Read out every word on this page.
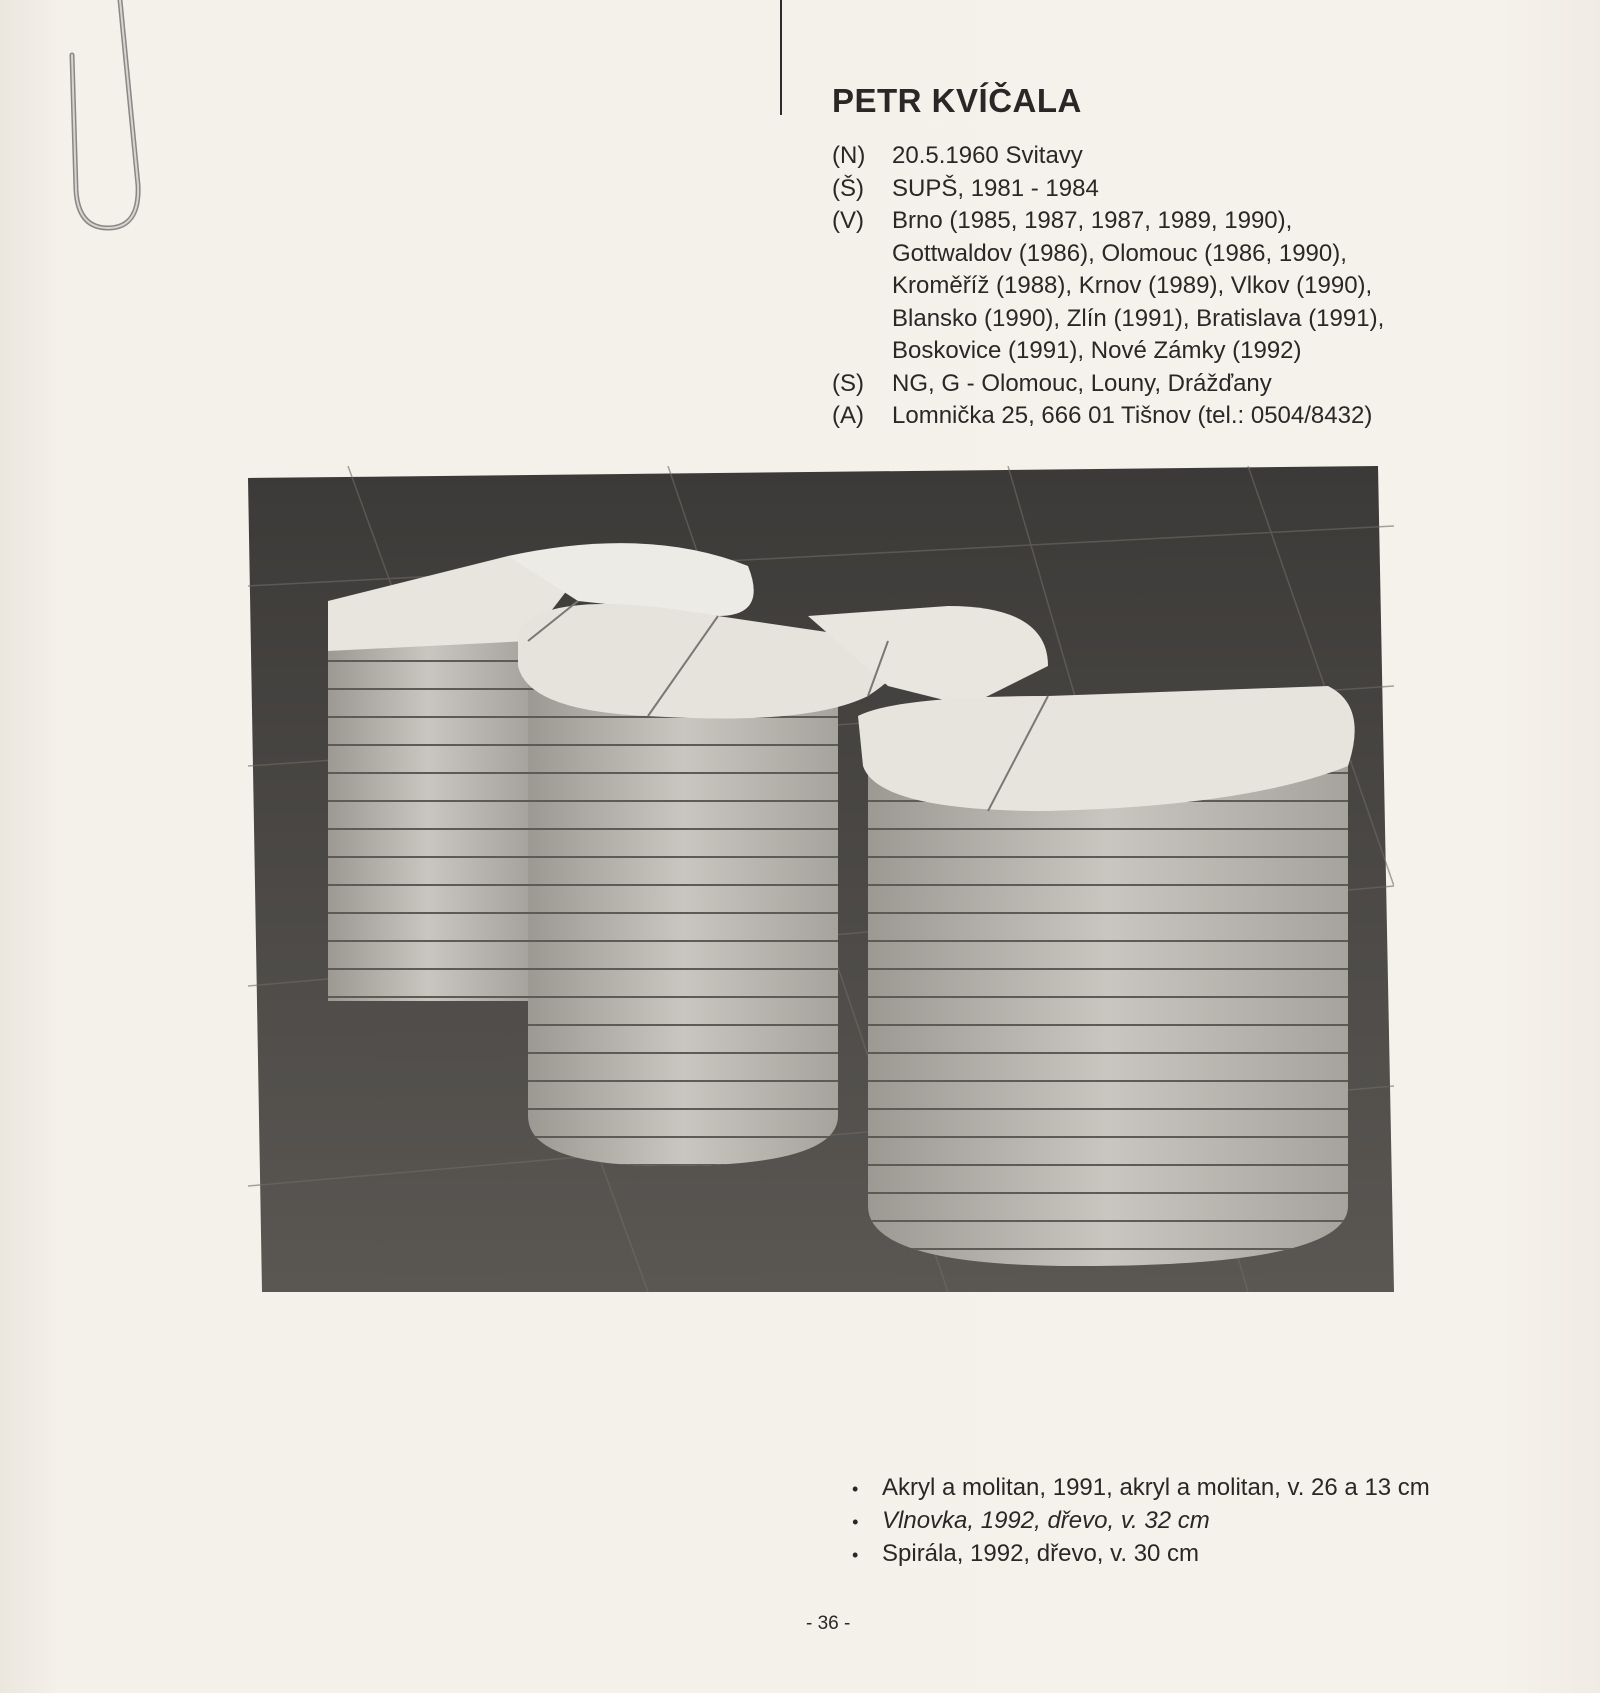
PETR KVÍČALA
(N)	20.5.1960 Svitavy
(Š)	SUPŠ, 1981 - 1984
(V)	Brno (1985, 1987, 1987, 1989, 1990),
Gottwaldov (1986), Olomouc (1986, 1990),
Kroměříž (1988), Krnov (1989), Vlkov (1990),
Blansko (1990), Zlín (1991), Bratislava (1991),
Boskovice (1991), Nové Zámky (1992)
(S)	NG, G - Olomouc, Louny, Drážďany
(A)	Lomnička 25, 666 01 Tišnov (tel.: 0504/8432)
• Akryl a molitan, 1991, akryl a molitan, v. 26 a 13 cm
• Vlnovka, 1992, dřevo, v. 32 cm
• Spirála, 1992, dřevo, v. 30 cm
- 36 -
